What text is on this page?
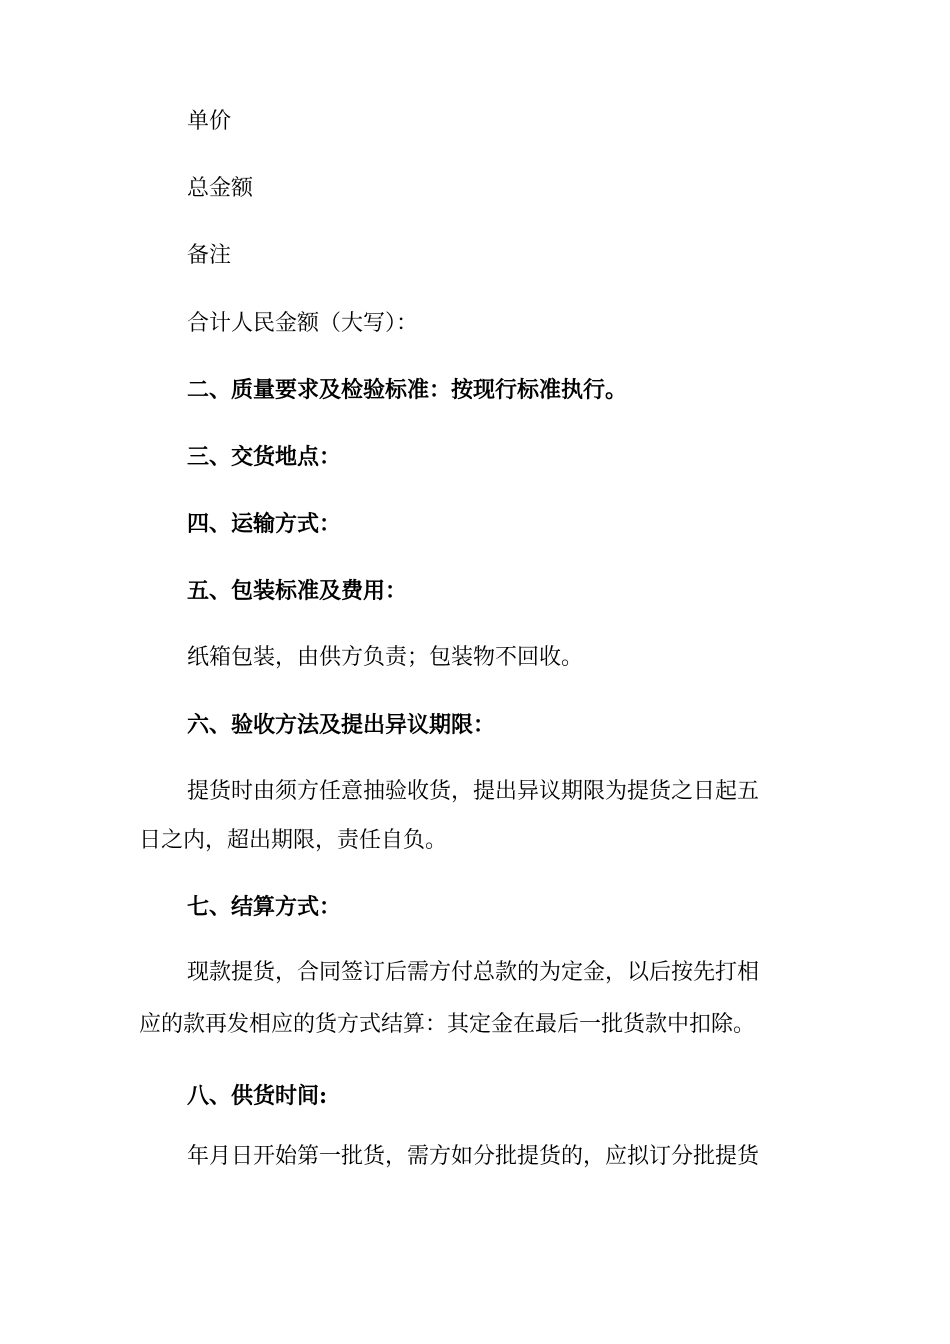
单价

总金额

备注

合计人民金额（大写）：

二、质量要求及检验标准：按现行标准执行。

三、交货地点：

四、运输方式：

五、包装标准及费用：

纸箱包装，由供方负责；包装物不回收。

六、验收方法及提出异议期限：

提货时由须方任意抽验收货，提出异议期限为提货之日起五

日之内，超出期限，责任自负。

七、结算方式：

现款提货，合同签订后需方付总款的为定金，以后按先打相

应的款再发相应的货方式结算：其定金在最后一批货款中扣除。

八、供货时间:

年月日开始第一批货，需方如分批提货的，应拟订分批提货
